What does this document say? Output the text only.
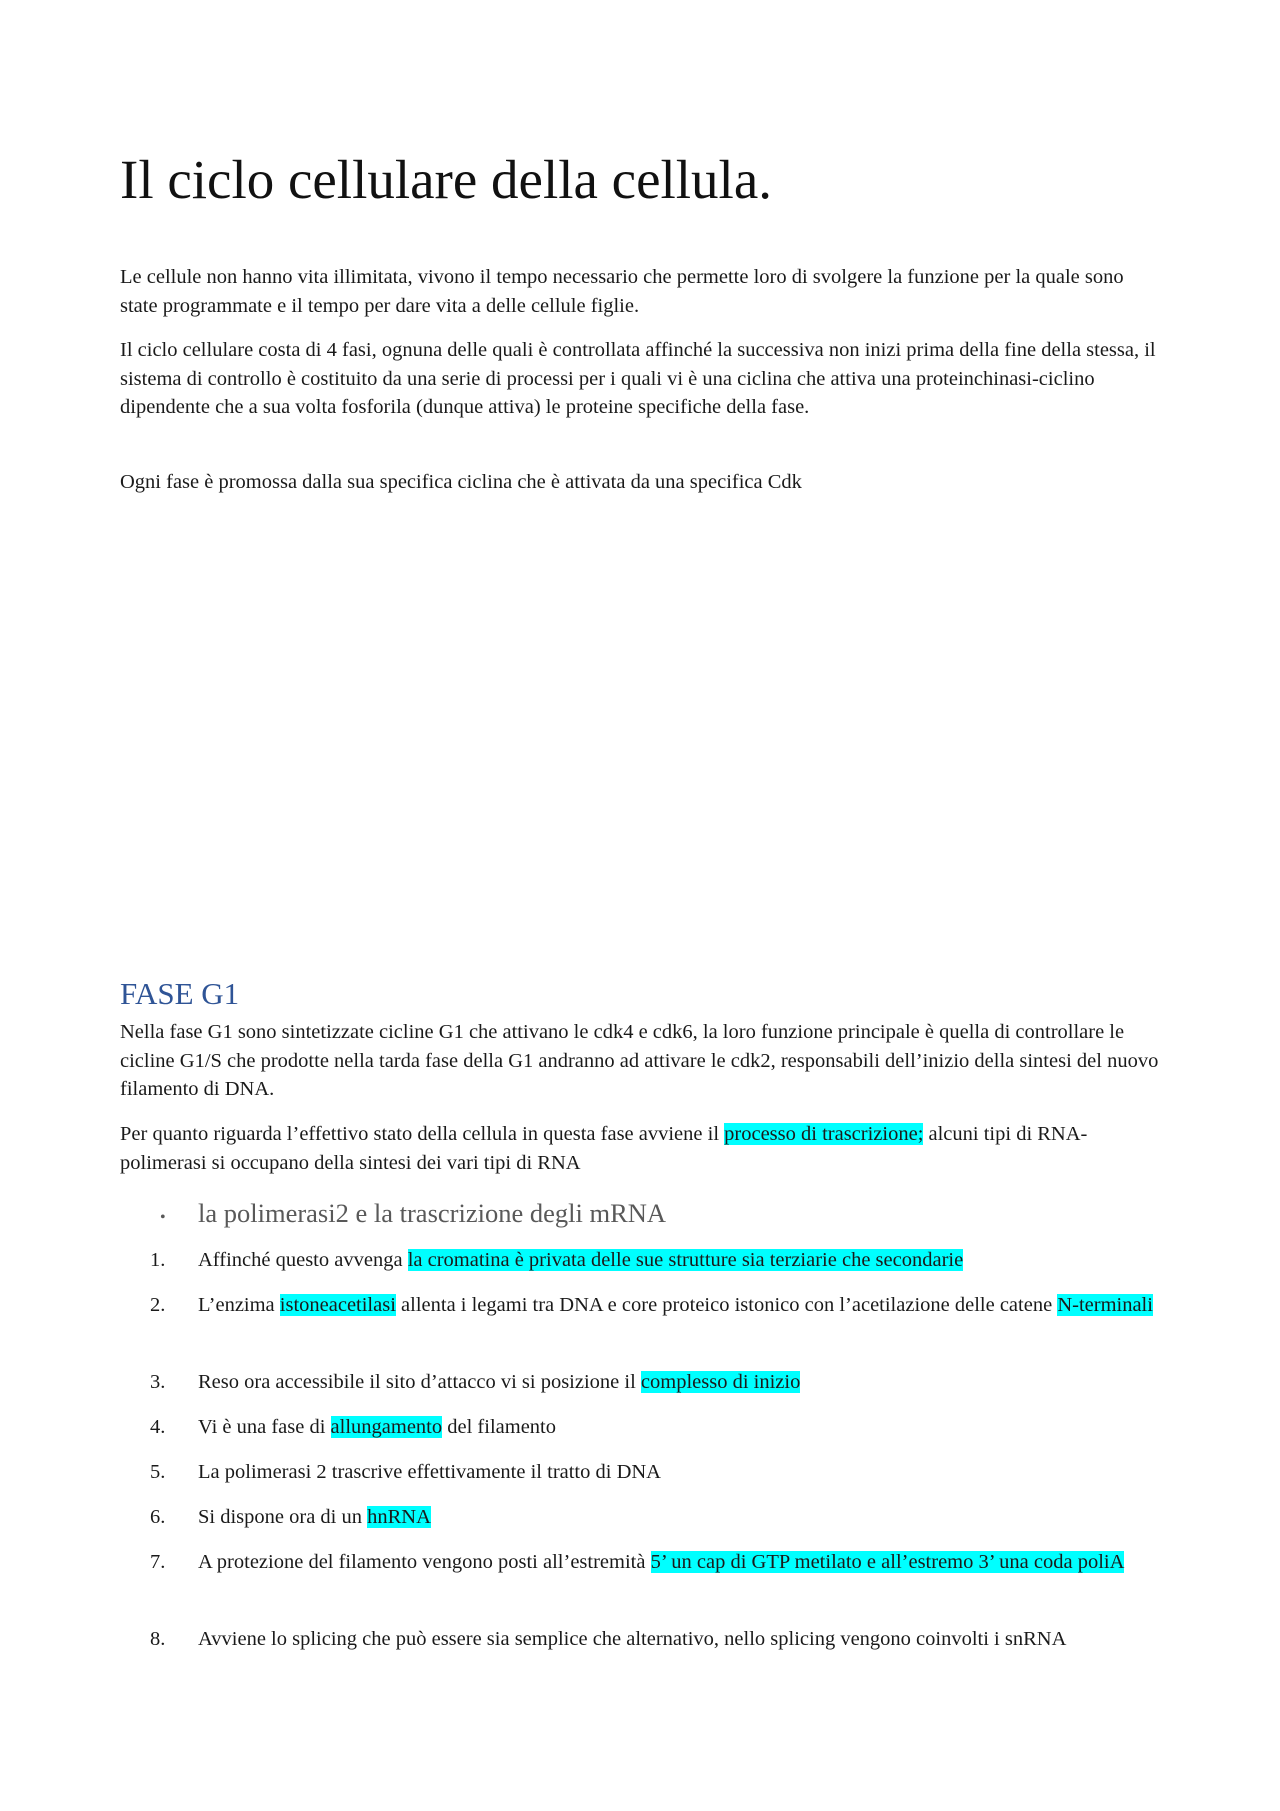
Il ciclo cellulare della cellula.

Le cellule non hanno vita illimitata, vivono il tempo necessario che permette loro di svolgere la funzione per la quale sono state programmate e il tempo per dare vita a delle cellule figlie.

Il ciclo cellulare costa di 4 fasi, ognuna delle quali è controllata affinché la successiva non inizi prima della fine della stessa, il sistema di controllo è costituito da una serie di processi per i quali vi è una ciclina che attiva una proteinchinasi-ciclino dipendente che a sua volta fosforila (dunque attiva) le proteine specifiche della fase.

Ogni fase è promossa dalla sua specifica ciclina che è attivata da una specifica Cdk

FASE G1

Nella fase G1 sono sintetizzate cicline G1 che attivano le cdk4 e cdk6, la loro funzione principale è quella di controllare le cicline G1/S che prodotte nella tarda fase della G1 andranno ad attivare le cdk2, responsabili dell’inizio della sintesi del nuovo filamento di DNA.

Per quanto riguarda l’effettivo stato della cellula in questa fase avviene il processo di trascrizione; alcuni tipi di RNA-polimerasi si occupano della sintesi dei vari tipi di RNA

•	la polimerasi2 e la trascrizione degli mRNA
1.	Affinché questo avvenga la cromatina è privata delle sue strutture sia terziarie che secondarie
2.	L’enzima istoneacetilasi allenta i legami tra DNA e core proteico istonico con l’acetilazione delle catene N-terminali
3.	Reso ora accessibile il sito d’attacco vi si posizione il complesso di inizio
4.	Vi è una fase di allungamento del filamento
5.	La polimerasi 2 trascrive effettivamente il tratto di DNA
6.	Si dispone ora di un hnRNA
7.	A protezione del filamento vengono posti all’estremità 5’ un cap di GTP metilato e all’estremo 3’ una coda poliA
8.	Avviene lo splicing che può essere sia semplice che alternativo, nello splicing vengono coinvolti i snRNA
